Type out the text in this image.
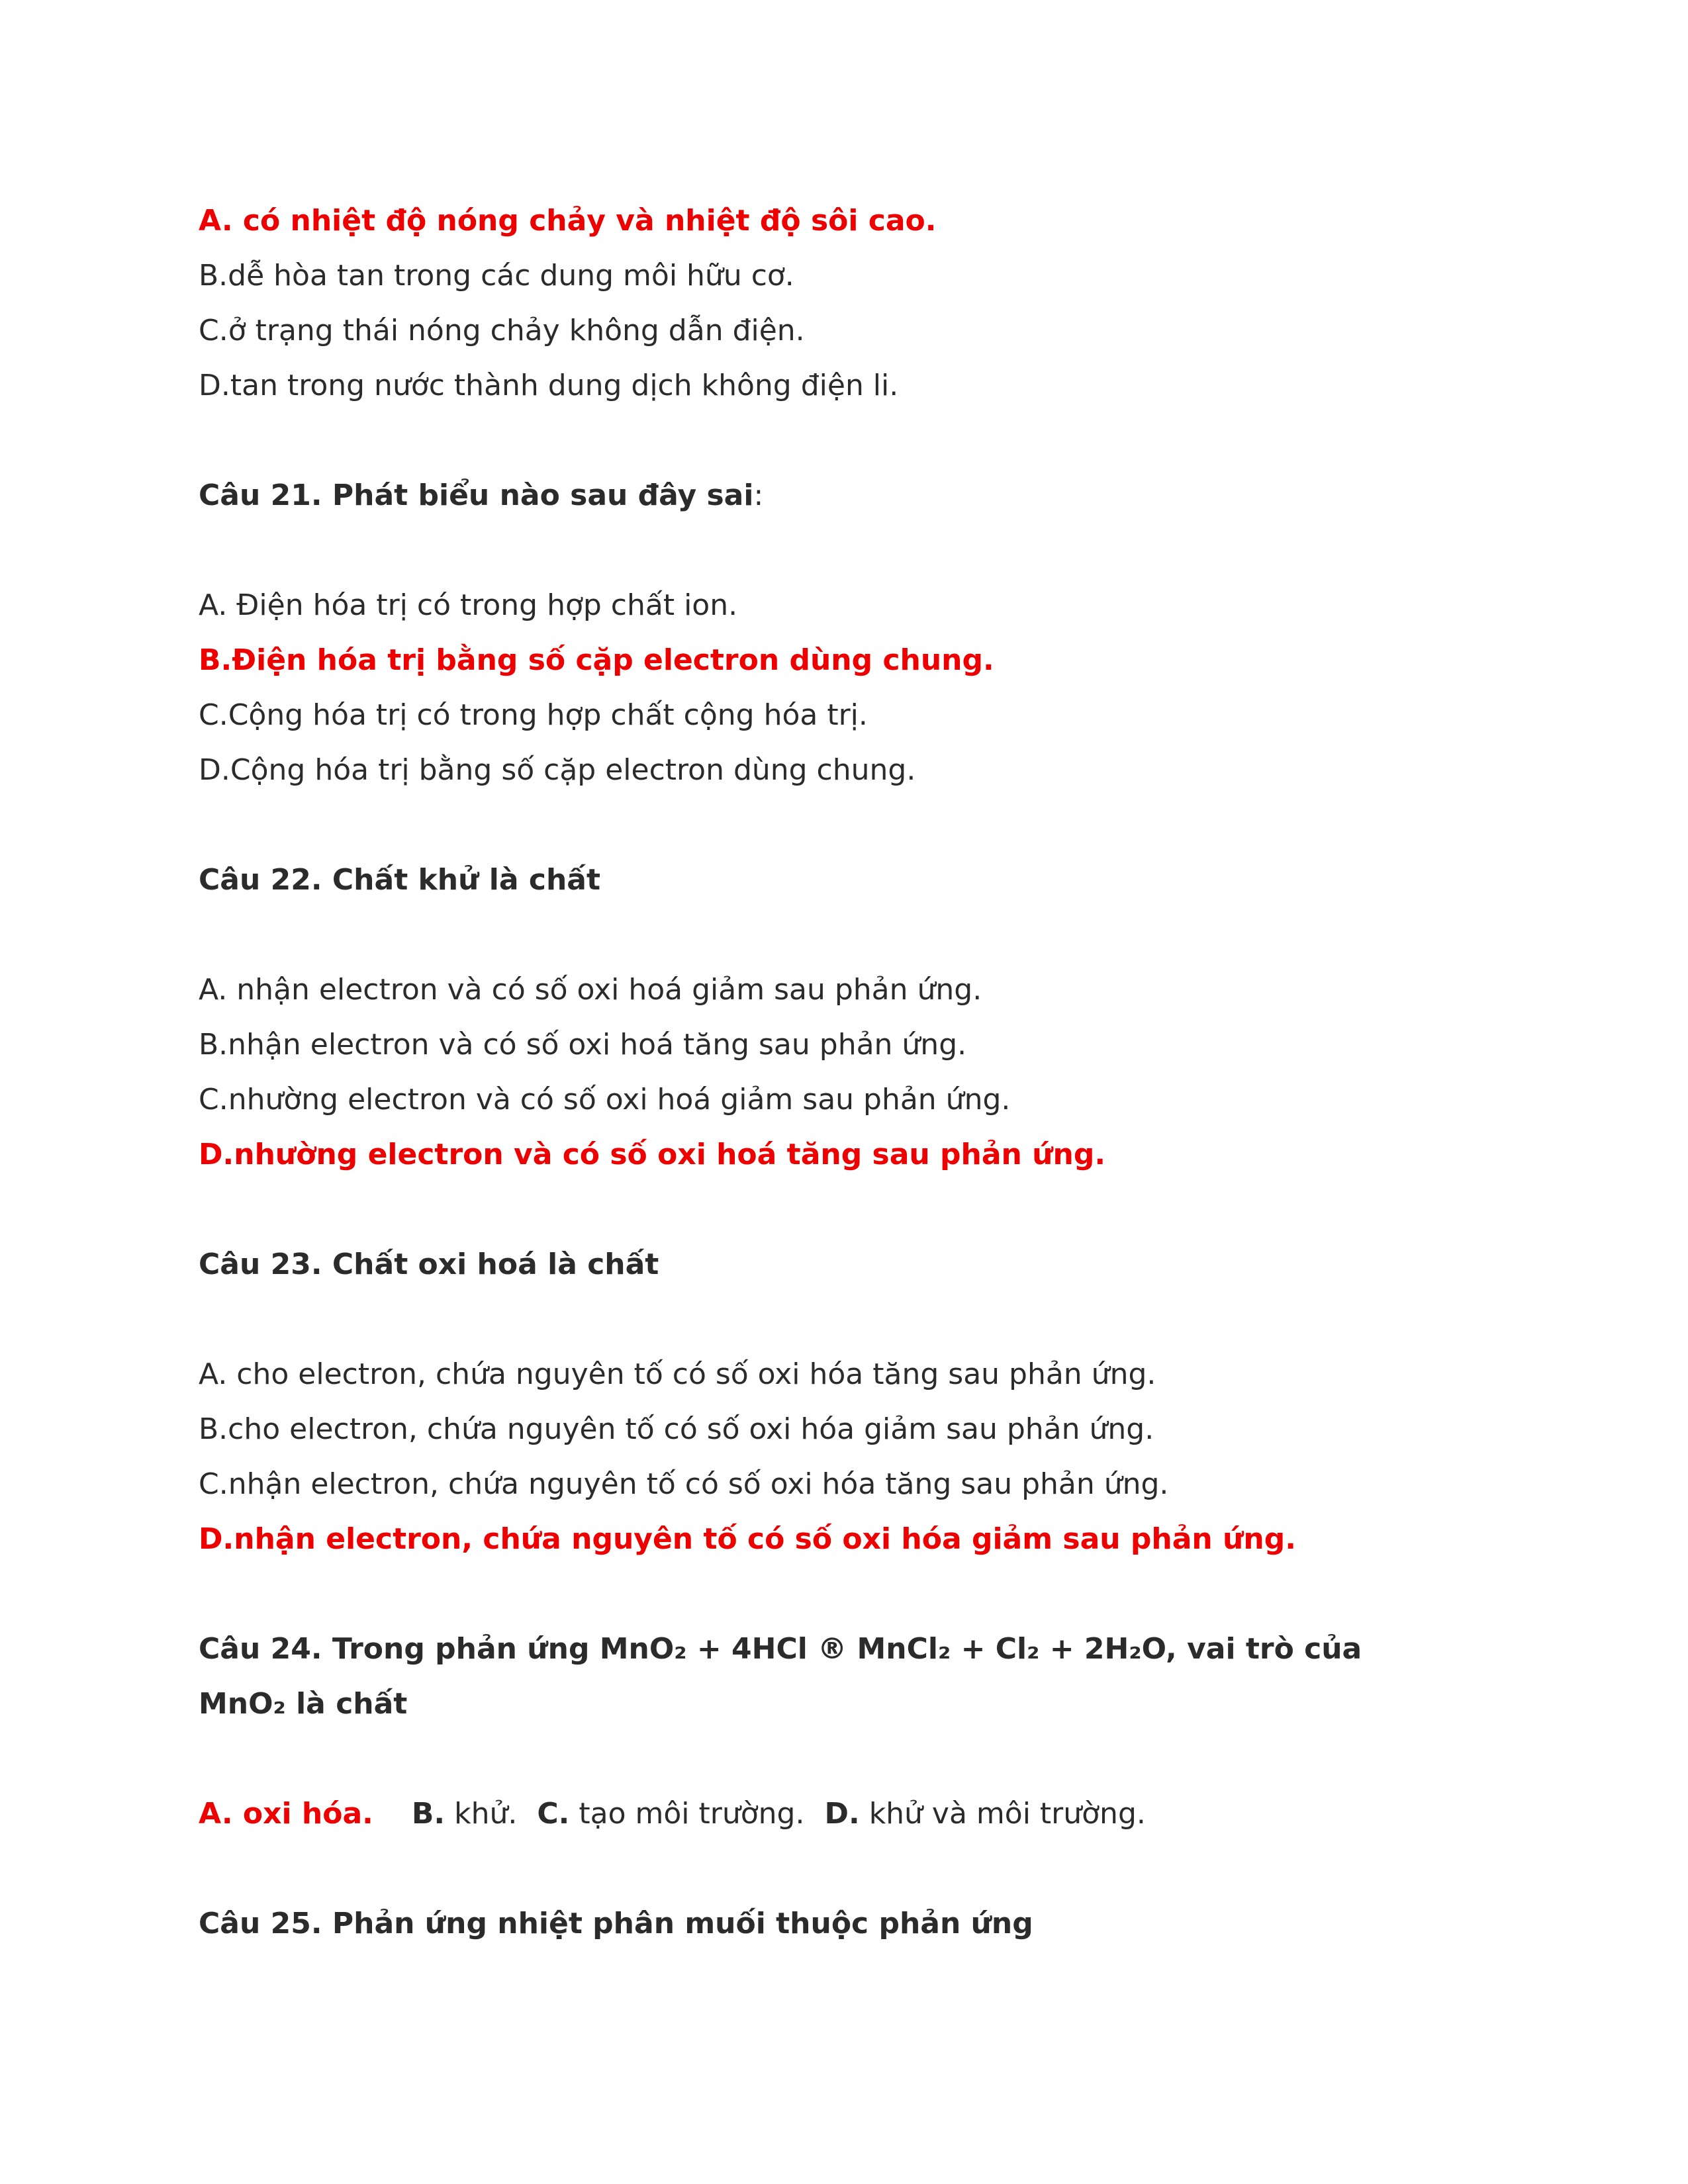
A. có nhiệt độ nóng chảy và nhiệt độ sôi cao.
B.dễ hòa tan trong các dung môi hữu cơ.
C.ở trạng thái nóng chảy không dẫn điện.
D.tan trong nước thành dung dịch không điện li.
Câu 21. Phát biểu nào sau đây sai:
A. Điện hóa trị có trong hợp chất ion.
B.Điện hóa trị bằng số cặp electron dùng chung.
C.Cộng hóa trị có trong hợp chất cộng hóa trị.
D.Cộng hóa trị bằng số cặp electron dùng chung.
Câu 22. Chất khử là chất
A. nhận electron và có số oxi hoá giảm sau phản ứng.
B.nhận electron và có số oxi hoá tăng sau phản ứng.
C.nhường electron và có số oxi hoá giảm sau phản ứng.
D.nhường electron và có số oxi hoá tăng sau phản ứng.
Câu 23. Chất oxi hoá là chất
A. cho electron, chứa nguyên tố có số oxi hóa tăng sau phản ứng.
B.cho electron, chứa nguyên tố có số oxi hóa giảm sau phản ứng.
C.nhận electron, chứa nguyên tố có số oxi hóa tăng sau phản ứng.
D.nhận electron, chứa nguyên tố có số oxi hóa giảm sau phản ứng.
Câu 24. Trong phản ứng MnO₂ + 4HCl ® MnCl₂ + Cl₂ + 2H₂O, vai trò của
MnO₂ là chất
A. oxi hóa. B. khử. C. tạo môi trường. D. khử và môi trường.
Câu 25. Phản ứng nhiệt phân muối thuộc phản ứng
